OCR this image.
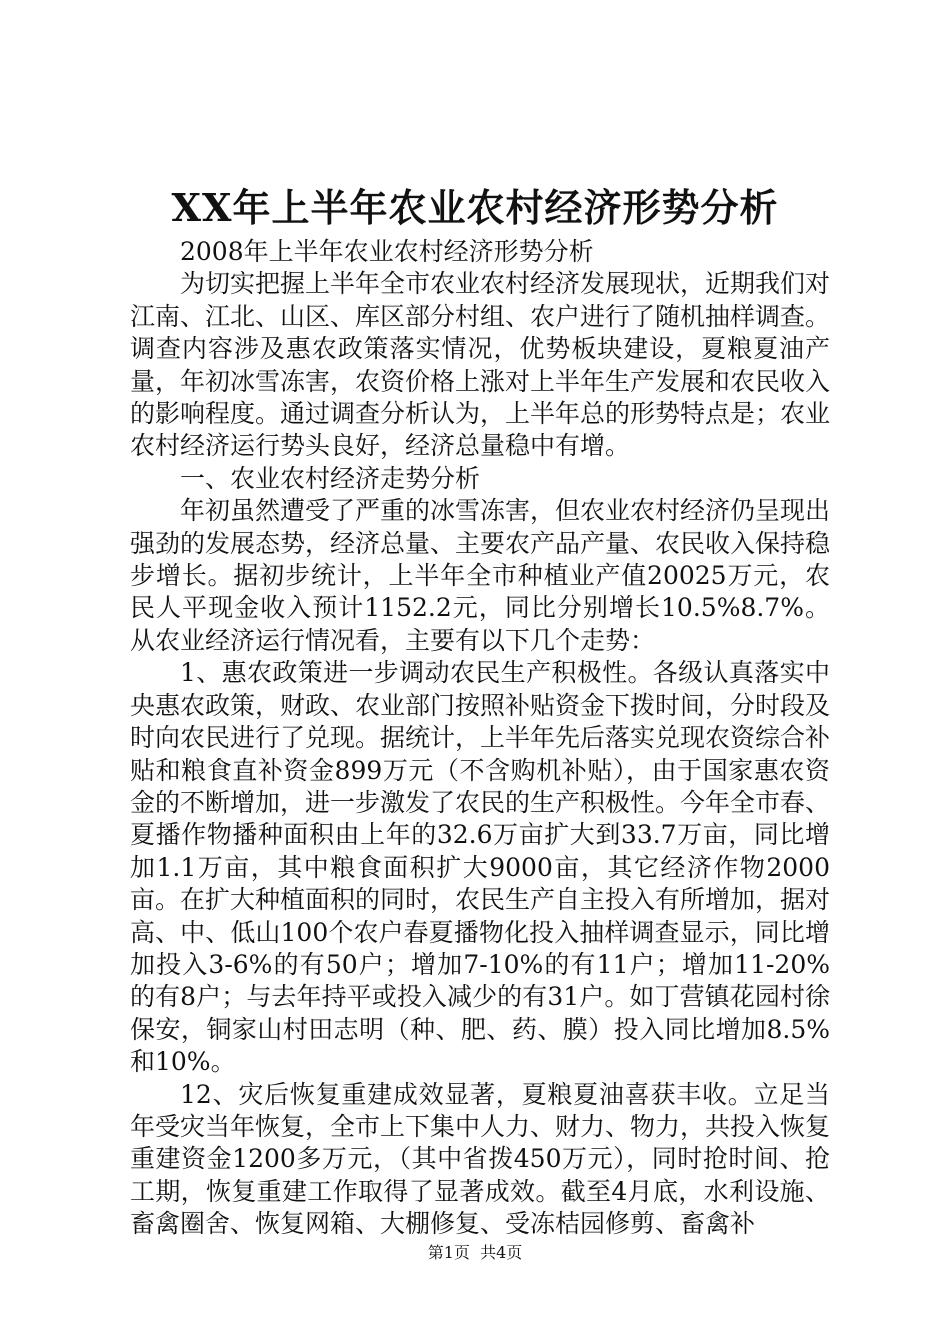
XX年上半年农业农村经济形势分析

2008年上半年农业农村经济形势分析

为切实把握上半年全市农业农村经济发展现状，近期我们对江南、江北、山区、库区部分村组、农户进行了随机抽样调查。调查内容涉及惠农政策落实情况，优势板块建设，夏粮夏油产量，年初冰雪冻害，农资价格上涨对上半年生产发展和农民收入的影响程度。通过调查分析认为，上半年总的形势特点是；农业农村经济运行势头良好，经济总量稳中有增。

一、农业农村经济走势分析

年初虽然遭受了严重的冰雪冻害，但农业农村经济仍呈现出强劲的发展态势，经济总量、主要农产品产量、农民收入保持稳步增长。据初步统计，上半年全市种植业产值20025万元，农民人平现金收入预计1152.2元，同比分别增长10.5%8.7%。从农业经济运行情况看，主要有以下几个走势：

1、惠农政策进一步调动农民生产积极性。各级认真落实中央惠农政策，财政、农业部门按照补贴资金下拨时间，分时段及时向农民进行了兑现。据统计，上半年先后落实兑现农资综合补贴和粮食直补资金899万元（不含购机补贴），由于国家惠农资金的不断增加，进一步激发了农民的生产积极性。今年全市春、夏播作物播种面积由上年的32.6万亩扩大到33.7万亩，同比增加1.1万亩，其中粮食面积扩大9000亩，其它经济作物2000亩。在扩大种植面积的同时，农民生产自主投入有所增加，据对高、中、低山100个农户春夏播物化投入抽样调查显示，同比增加投入3-6%的有50户；增加7-10%的有11户；增加11-20%的有8户；与去年持平或投入减少的有31户。如丁营镇花园村徐保安，铜家山村田志明（种、肥、药、膜）投入同比增加8.5%和10%。

12、灾后恢复重建成效显著，夏粮夏油喜获丰收。立足当年受灾当年恢复，全市上下集中人力、财力、物力，共投入恢复重建资金1200多万元，（其中省拨450万元），同时抢时间、抢工期，恢复重建工作取得了显著成效。截至4月底，水利设施、畜禽圈舍、恢复网箱、大棚修复、受冻桔园修剪、畜禽补

第1页  共4页
